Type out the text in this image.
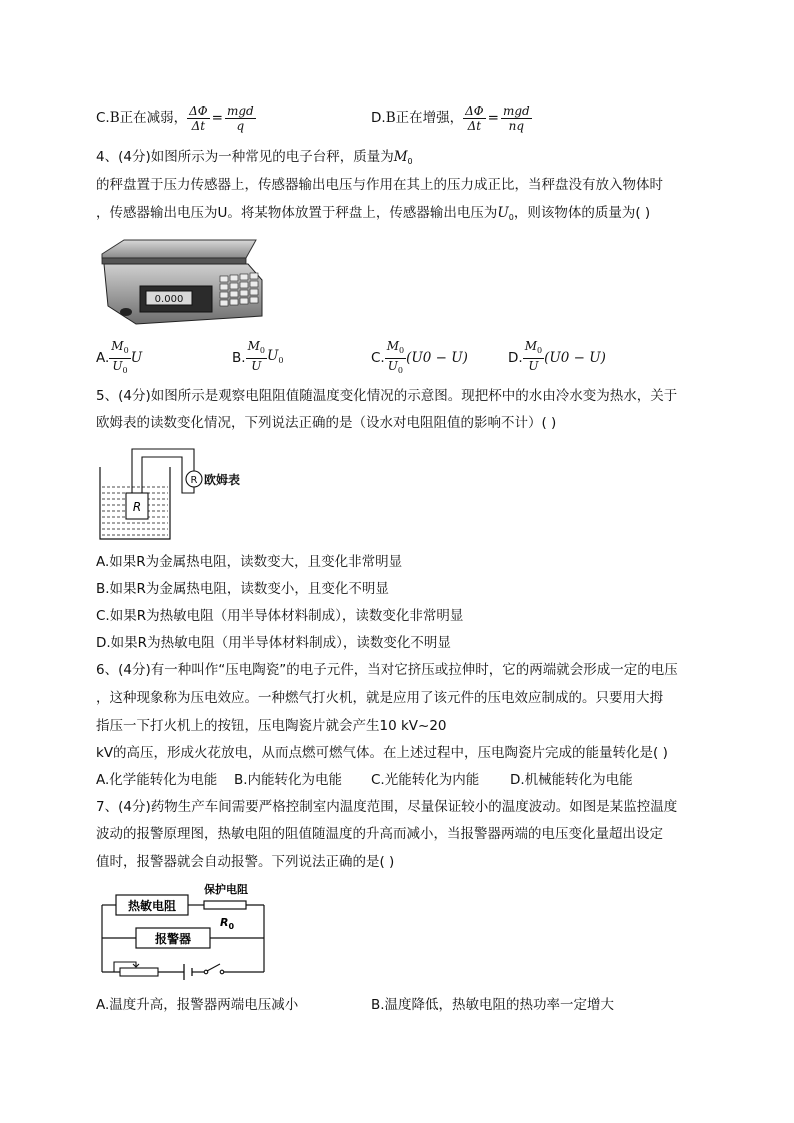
C. B正在减弱， $\frac{\Delta\Phi}{\Delta t} = \frac{\text{mgd}}{q}$	D. B正在增强， $\frac{\Delta\Phi}{\Delta t} = \frac{\text{mgd}}{nq}$
4、(4分)如图所示为一种常见的电子台秤，质量为$M_0$
的秤盘置于压力传感器上，传感器输出电压与作用在其上的压力成正比，当秤盘没有放入物体时
，传感器输出电压为U。将某物体放置于秤盘上，传感器输出电压为$U_0$，则该物体的质量为( )
0.000
A. $\frac{M_0}{U_0}$ U	B. $\frac{M_0}{U} U_0$	C. $\frac{M_0}{U_0} (U0 - U)$	D. $\frac{M_0}{U} (U0 - U)$
5、(4分)如图所示是观察电阻阻值随温度变化情况的示意图。现把杯中的水由冷水变为热水，关于
欧姆表的读数变化情况，下列说法正确的是（设水对电阻阻值的影响不计）( )
R
R 欧姆表
A.如果R为金属热电阻，读数变大，且变化非常明显
B.如果R为金属热电阻，读数变小，且变化不明显
C.如果R为热敏电阻（用半导体材料制成），读数变化非常明显
D.如果R为热敏电阻（用半导体材料制成），读数变化不明显
6、(4分)有一种叫作“压电陶瓷”的电子元件，当对它挤压或拉伸时，它的两端就会形成一定的电压
，这种现象称为压电效应。一种燃气打火机，就是应用了该元件的压电效应制成的。只要用大拇
指压一下打火机上的按钮，压电陶瓷片就会产生10 kV~20
kV的高压，形成火花放电，从而点燃可燃气体。在上述过程中，压电陶瓷片完成的能量转化是( )
A.化学能转化为电能 B.内能转化为电能 C.光能转化为内能 D.机械能转化为电能
7、(4分)药物生产车间需要严格控制室内温度范围，尽量保证较小的温度波动。如图是某监控温度
波动的报警原理图，热敏电阻的阻值随温度的升高而减小，当报警器两端的电压变化量超出设定
值时，报警器就会自动报警。下列说法正确的是( )
热敏电阻
保护电阻
$R_0$
报警器
A.温度升高，报警器两端电压减小	B.温度降低，热敏电阻的热功率一定增大
